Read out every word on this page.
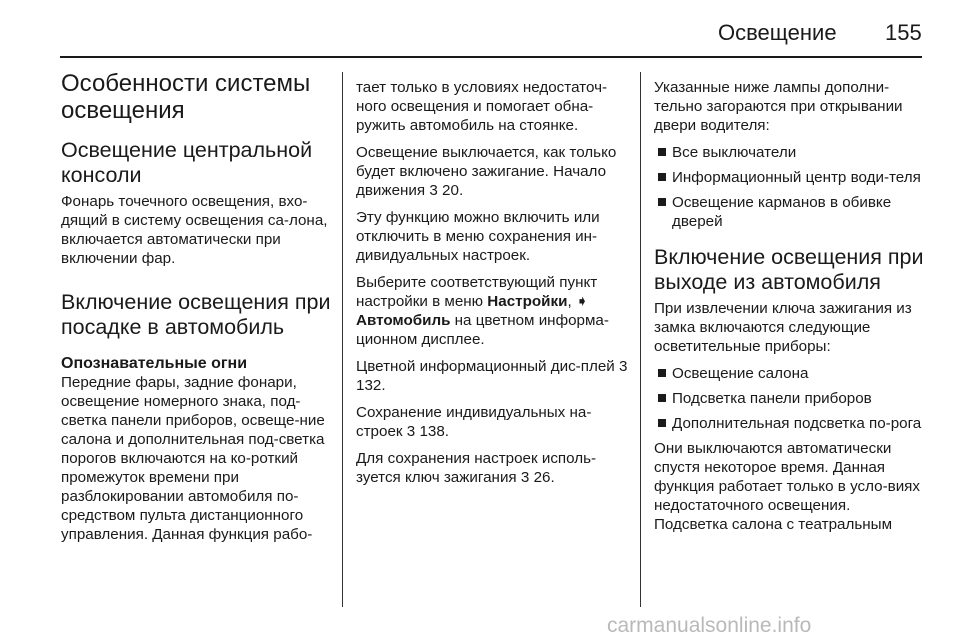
Освещение 155
Особенности системы освещения
Освещение центральной консоли
Фонарь точечного освещения, вхо-дящий в систему освещения са-лона, включается автоматически при включении фар.
Включение освещения при посадке в автомобиль
Опознавательные огни
Передние фары, задние фонари, освещение номерного знака, под-светка панели приборов, освеще-ние салона и дополнительная под-светка порогов включаются на ко-роткий промежуток времени при разблокировании автомобиля по-средством пульта дистанционного управления. Данная функция рабо-
тает только в условиях недостаточ-ного освещения и помогает обна-ружить автомобиль на стоянке.
Освещение выключается, как только будет включено зажигание. Начало движения 3 20.
Эту функцию можно включить или отключить в меню сохранения ин-дивидуальных настроек.
Выберите соответствующий пункт настройки в меню Настройки, ➧ Автомобиль на цветном информа-ционном дисплее.
Цветной информационный дис-плей 3 132.
Сохранение индивидуальных на-строек 3 138.
Для сохранения настроек исполь-зуется ключ зажигания 3 26.
Указанные ниже лампы дополни-тельно загораются при открывании двери водителя:
Все выключатели
Информационный центр води-теля
Освещение карманов в обивке дверей
Включение освещения при выходе из автомобиля
При извлечении ключа зажигания из замка включаются следующие осветительные приборы:
Освещение салона
Подсветка панели приборов
Дополнительная подсветка по-рога
Они выключаются автоматически спустя некоторое время. Данная функция работает только в усло-виях недостаточного освещения. Подсветка салона с театральным
carmanualsonline.info
